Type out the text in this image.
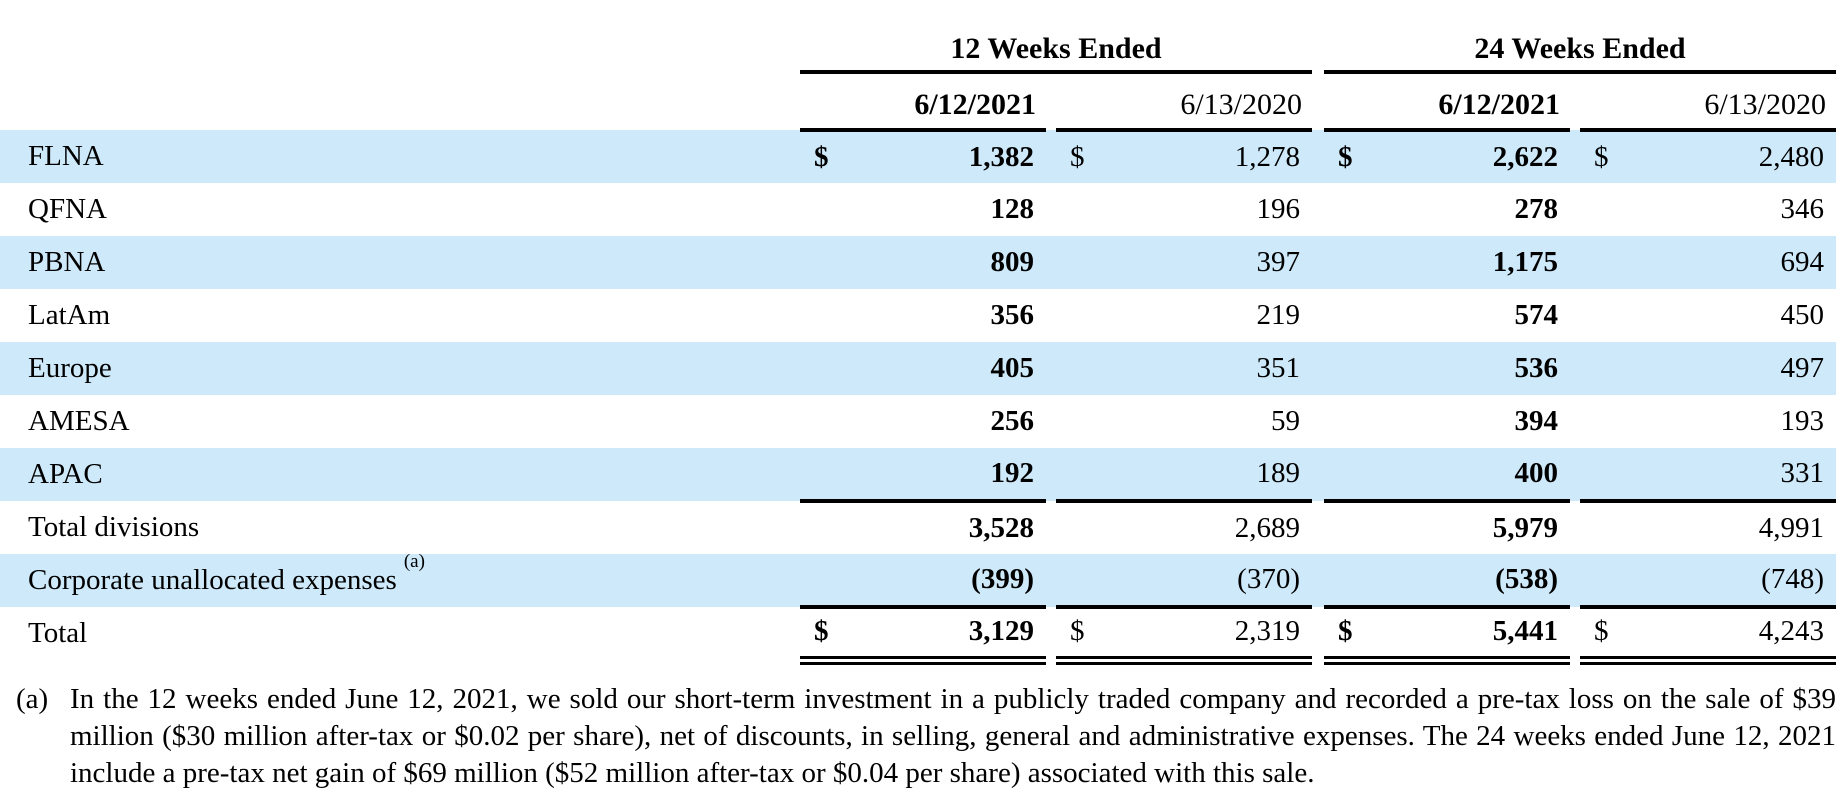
	12 Weeks Ended						24 Weeks Ended				
	6/12/2021			6/13/2020			6/12/2021			6/13/2020	
FLNA	$	1,382		$	1,278		$	2,622		$	2,480
QFNA		128			196			278			346
PBNA		809			397			1,175			694
LatAm		356			219			574			450
Europe		405			351			536			497
AMESA		256			59			394			193
APAC		192			189			400			331
Total divisions		3,528			2,689			5,979			4,991
Corporate unallocated expenses$^{(a)}$		(399)			(370)			(538)			(748)
Total	$	3,129		$	2,319		$	5,441		$	4,243
(a) In the 12 weeks ended June 12, 2021, we sold our short-term investment in a publicly traded company and recorded a pre-tax loss on the sale of $39 million ($30 million after-tax or $0.02 per share), net of discounts, in selling, general and administrative expenses. The 24 weeks ended June 12, 2021 include a pre-tax net gain of $69 million ($52 million after-tax or $0.04 per share) associated with this sale.
